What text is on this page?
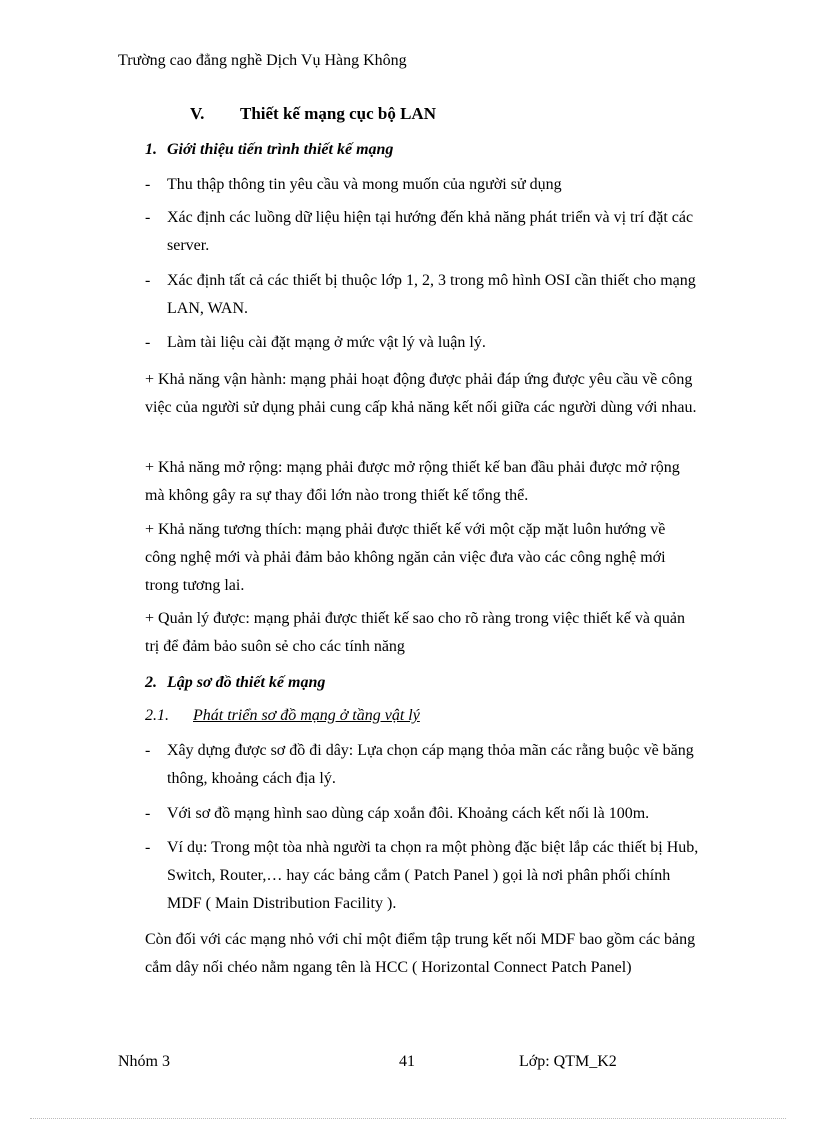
Trường cao đẳng nghề Dịch Vụ Hàng Không
V. Thiết kế mạng cục bộ LAN
1. Giới thiệu tiến trình thiết kế mạng
- Thu thập thông tin yêu cầu và mong muốn của người sử dụng
- Xác định các luồng dữ liệu hiện tại hướng đến khả năng phát triển và vị trí đặt các server.
- Xác định tất cả các thiết bị thuộc lớp 1, 2, 3 trong mô hình OSI cần thiết cho mạng LAN, WAN.
- Làm tài liệu cài đặt mạng ở mức vật lý và luận lý.
+ Khả năng vận hành: mạng phải hoạt động được phải đáp ứng được yêu cầu về công việc của người sử dụng phải cung cấp khả năng kết nối giữa các người dùng với nhau.
+ Khả năng mở rộng: mạng phải được mở rộng thiết kế ban đầu phải được mở rộng mà không gây ra sự thay đổi lớn nào trong thiết kế tổng thể.
+ Khả năng tương thích: mạng phải được thiết kế với một cặp mặt luôn hướng về công nghệ mới và phải đảm bảo không ngăn cản việc đưa vào các công nghệ mới trong tương lai.
+ Quản lý được: mạng phải được thiết kế sao cho rõ ràng trong việc thiết kế và quản trị để đảm bảo suôn sẻ cho các tính năng
2. Lập sơ đồ thiết kế mạng
2.1. Phát triển sơ đồ mạng ở tầng vật lý
- Xây dựng được sơ đồ đi dây: Lựa chọn cáp mạng thỏa mãn các rằng buộc về băng thông, khoảng cách địa lý.
- Với sơ đồ mạng hình sao dùng cáp xoắn đôi. Khoảng cách kết nối là 100m.
- Ví dụ: Trong một tòa nhà người ta chọn ra một phòng đặc biệt lắp các thiết bị Hub, Switch, Router,… hay các bảng cắm ( Patch Panel ) gọi là nơi phân phối chính MDF ( Main Distribution Facility ).
Còn đối với các mạng nhỏ với chỉ một điểm tập trung kết nối MDF bao gồm các bảng cắm dây nối chéo nằm ngang tên là HCC ( Horizontal Connect Patch Panel)
Nhóm 3	41	Lớp: QTM_K2
